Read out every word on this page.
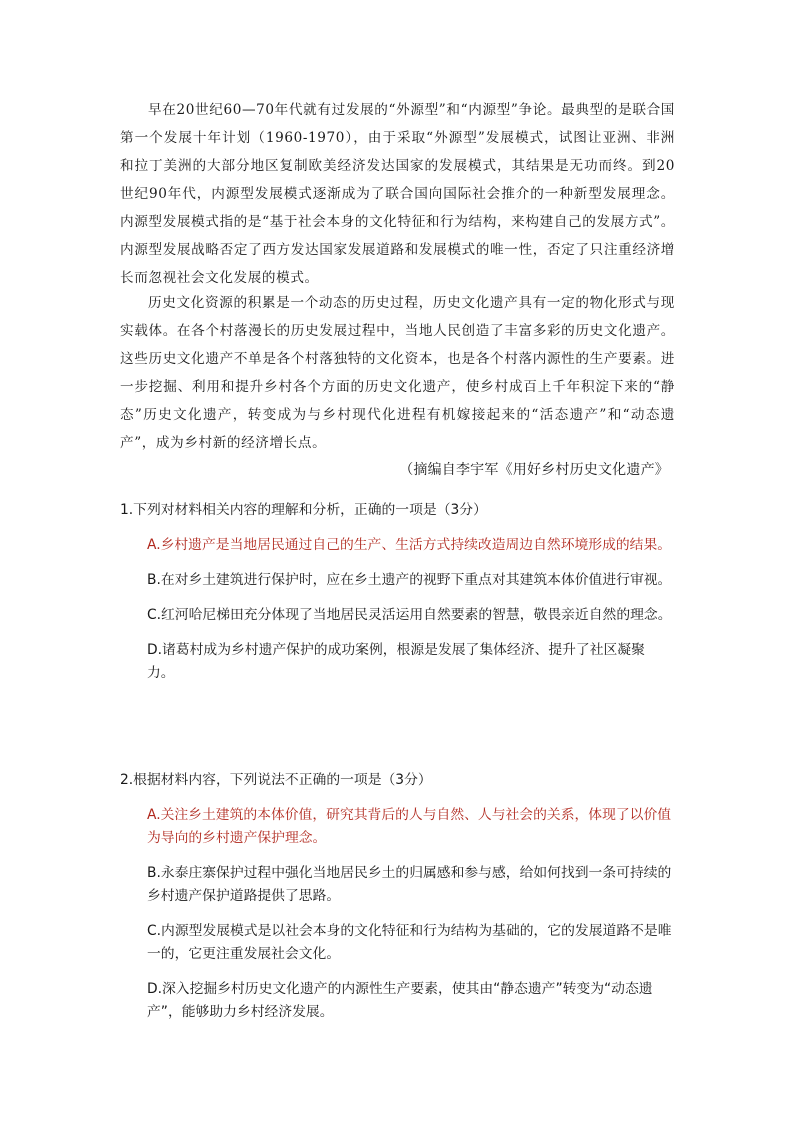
早在20世纪60—70年代就有过发展的“外源型”和“内源型”争论。最典型的是联合国第一个发展十年计划（1960-1970），由于采取“外源型”发展模式，试图让亚洲、非洲和拉丁美洲的大部分地区复制欧美经济发达国家的发展模式，其结果是无功而终。到20世纪90年代，内源型发展模式逐渐成为了联合国向国际社会推介的一种新型发展理念。内源型发展模式指的是“基于社会本身的文化特征和行为结构，来构建自己的发展方式”。内源型发展战略否定了西方发达国家发展道路和发展模式的唯一性，否定了只注重经济增长而忽视社会文化发展的模式。

历史文化资源的积累是一个动态的历史过程，历史文化遗产具有一定的物化形式与现实载体。在各个村落漫长的历史发展过程中，当地人民创造了丰富多彩的历史文化遗产。这些历史文化遗产不单是各个村落独特的文化资本，也是各个村落内源性的生产要素。进一步挖掘、利用和提升乡村各个方面的历史文化遗产，使乡村成百上千年积淀下来的“静态”历史文化遗产，转变成为与乡村现代化进程有机嫁接起来的“活态遗产”和“动态遗产”，成为乡村新的经济增长点。

（摘编自李宇军《用好乡村历史文化遗产》
1.下列对材料相关内容的理解和分析，正确的一项是（3分）
A.乡村遗产是当地居民通过自己的生产、生活方式持续改造周边自然环境形成的结果。
B.在对乡土建筑进行保护时，应在乡土遗产的视野下重点对其建筑本体价值进行审视。
C.红河哈尼梯田充分体现了当地居民灵活运用自然要素的智慧，敬畏亲近自然的理念。
D.诸葛村成为乡村遗产保护的成功案例，根源是发展了集体经济、提升了社区凝聚力。
2.根据材料内容，下列说法不正确的一项是（3分）
A.关注乡土建筑的本体价值，研究其背后的人与自然、人与社会的关系，体现了以价值为导向的乡村遗产保护理念。
B.永泰庄寨保护过程中强化当地居民乡土的归属感和参与感，给如何找到一条可持续的乡村遗产保护道路提供了思路。
C.内源型发展模式是以社会本身的文化特征和行为结构为基础的，它的发展道路不是唯一的，它更注重发展社会文化。
D.深入挖掘乡村历史文化遗产的内源性生产要素，使其由“静态遗产”转变为“动态遗产”，能够助力乡村经济发展。
